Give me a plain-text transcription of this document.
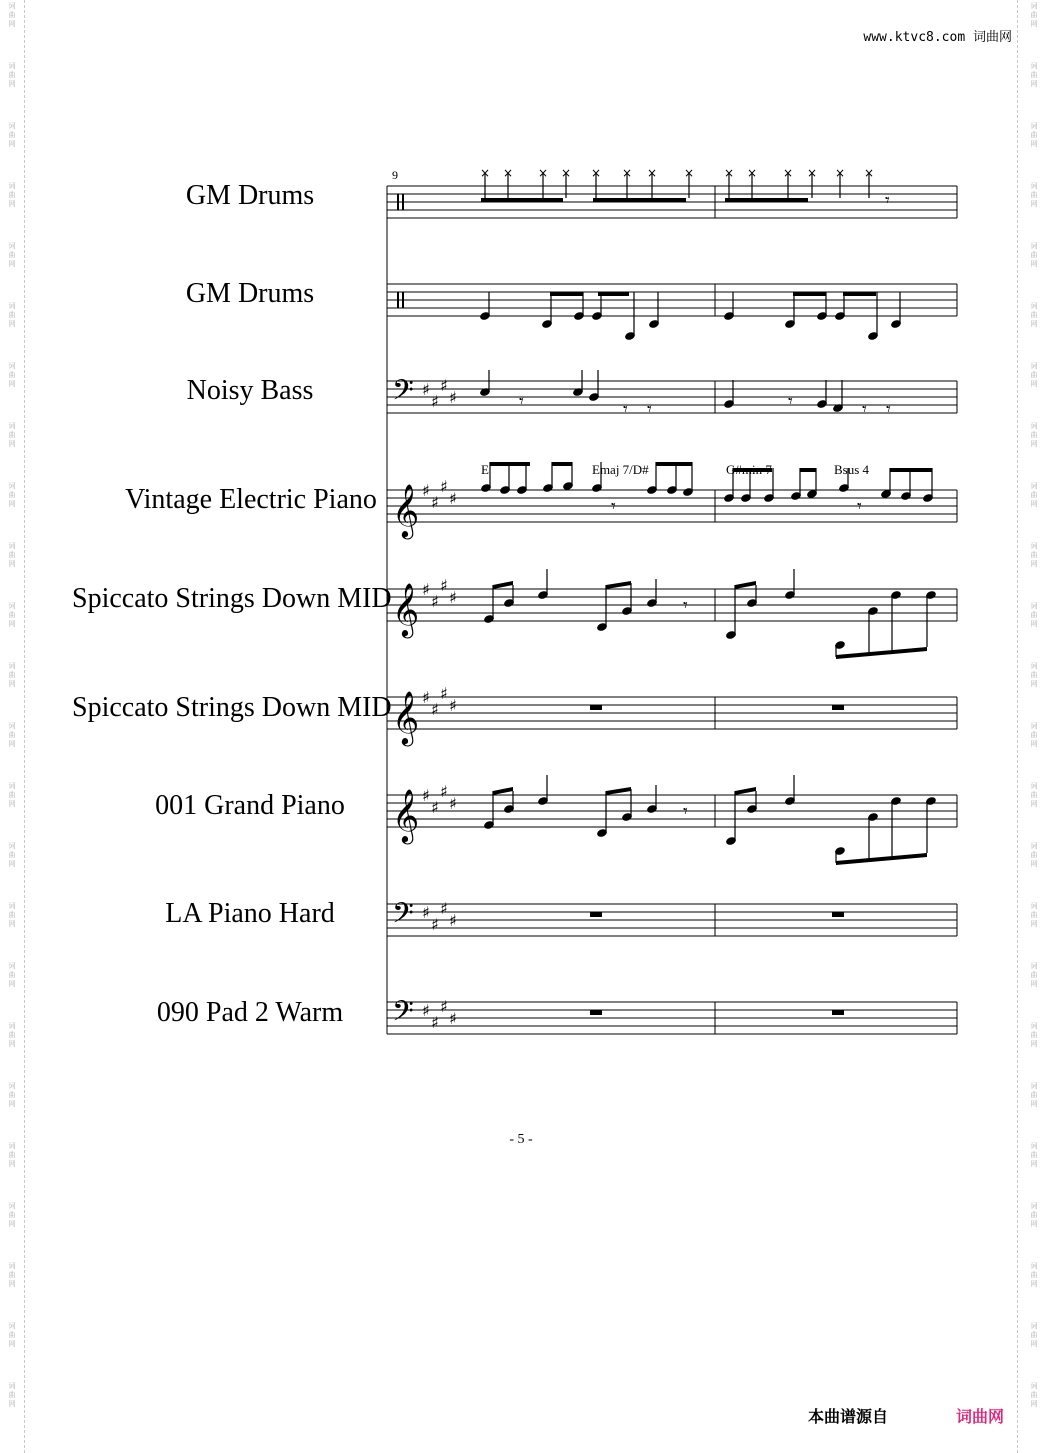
词
曲
网
词
曲
网
词
曲
网
词
曲
网
词
曲
网
词
曲
网
词
曲
网
词
曲
网
词
曲
网
词
曲
网
词
曲
网
词
曲
网
词
曲
网
词
曲
网
词
曲
网
词
曲
网
词
曲
网
词
曲
网
词
曲
网
词
曲
网
词
曲
网
词
曲
网
词
曲
网
词
曲
网
词
曲
网
词
曲
网
词
曲
网
词
曲
网
词
曲
网
词
曲
网
词
曲
网
词
曲
网
词
曲
网
词
曲
网
词
曲
网
词
曲
网
词
曲
网
词
曲
网
词
曲
网
词
曲
网
词
曲
网
词
曲
网
词
曲
网
词
曲
网
词
曲
网
词
曲
网
词
曲
网
词
曲
网
www.ktvc8.com 词曲网
GM Drums
GM Drums
Noisy Bass
Vintage Electric Piano
Spiccato Strings Down MID
Spiccato Strings Down MID
001 Grand Piano
LA Piano Hard
090 Pad 2 Warm
𝄢 ♯
♯
♯
♯
𝄞 ♯
♯
♯
♯
𝄞 ♯
♯
♯
♯
𝄞 ♯
♯
♯
♯
𝄞 ♯
♯
♯
♯
𝄢 ♯
♯
♯
♯
𝄢 ♯
♯
♯
♯
× × × × × × × × × × × × × ×
𝄾
𝄾 𝄾
𝄾	𝄾	𝄾 𝄾
𝄾	𝄾
𝄾
𝄾
9
E	Emaj 7/D#	G#min 7	Bsus 4
- 5 -
本曲谱源自	词曲网
